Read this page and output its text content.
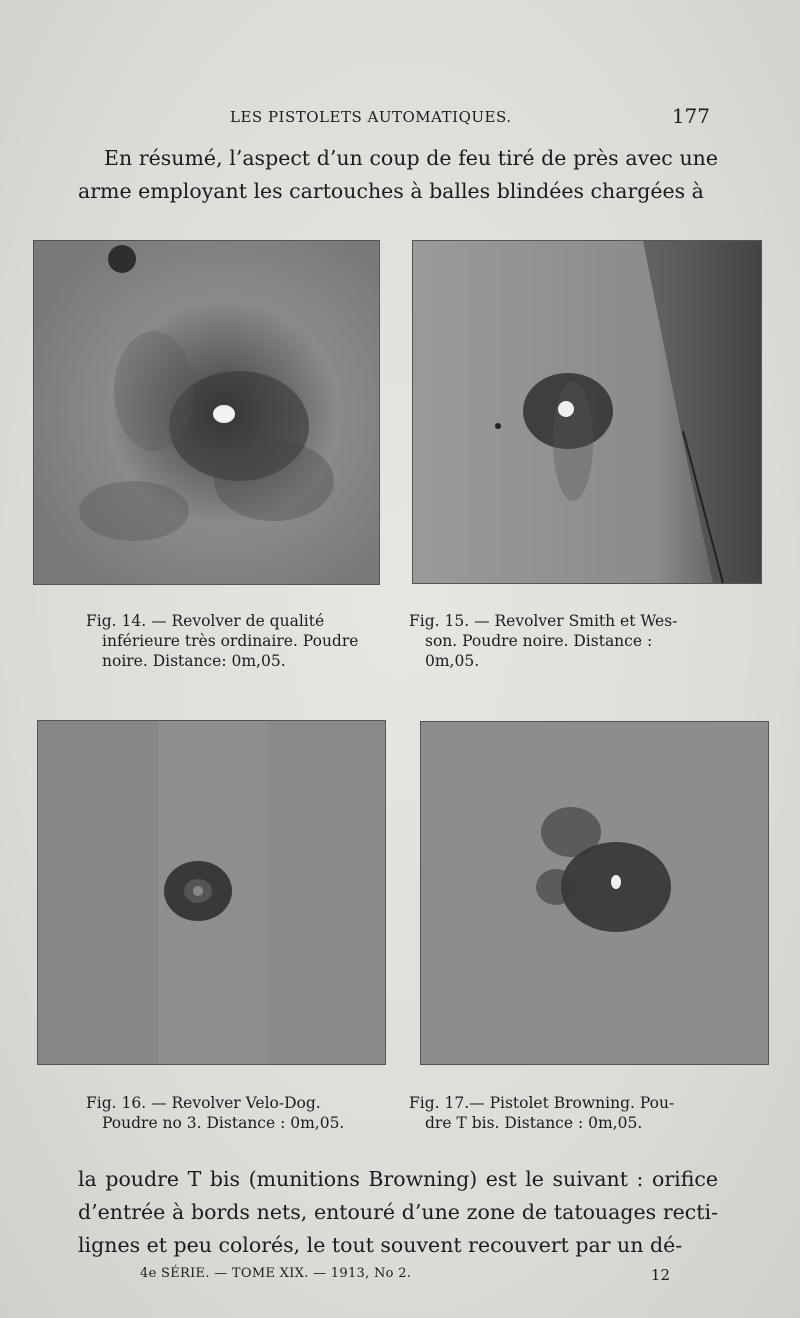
LES PISTOLETS AUTOMATIQUES.	177

En résumé, l’aspect d’un coup de feu tiré de près avec une arme employant les cartouches à balles blindées chargées à

Fig. 14. — Revolver de qualité
inférieure très ordinaire. Poudre
noire. Distance: 0m,05.
Fig. 15. — Revolver Smith et Wes-
son. Poudre noire. Distance :
0m,05.
Fig. 16. — Revolver Velo-Dog.
Poudre no 3. Distance : 0m,05.
Fig. 17.— Pistolet Browning. Pou-
dre T bis. Distance : 0m,05.

la poudre T bis (munitions Browning) est le suivant : orifice d’entrée à bords nets, entouré d’une zone de tatouages recti-lignes et peu colorés, le tout souvent recouvert par un dé-

4e SÉRIE. — TOME XIX. — 1913, No 2.	12
